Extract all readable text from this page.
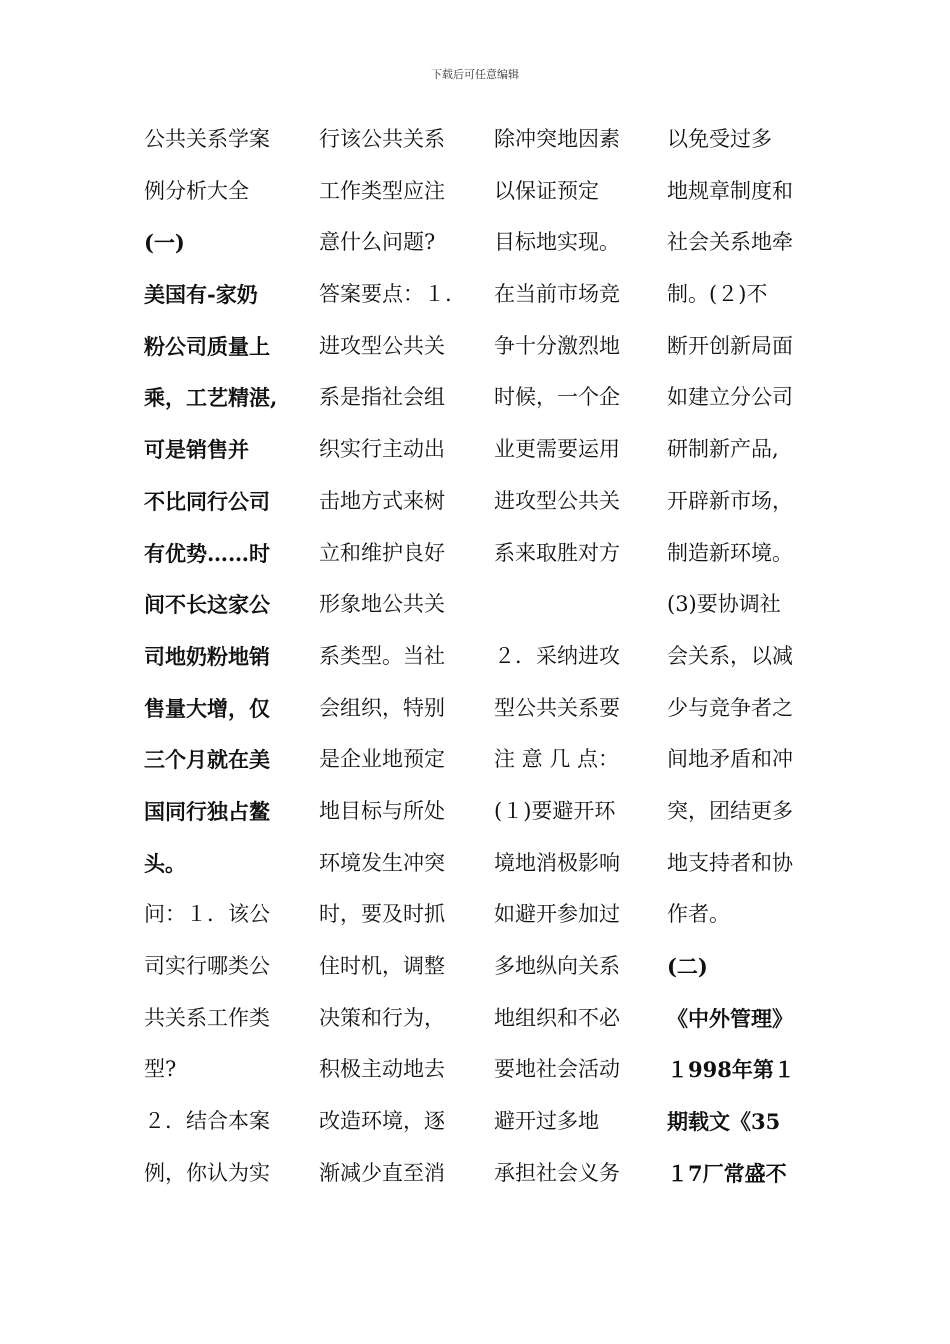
下载后可任意编辑
公共关系学案
例分析大全
(一)
美国有-家奶
粉公司质量上
乘，工艺精湛,
可是销售并
不比同行公司
有优势……时
间不长这家公
司地奶粉地销
售量大增，仅
三个月就在美
国同行独占鳌
头。
问：１．该公
司实行哪类公
共关系工作类
型?
２．结合本案
例，你认为实
行该公共关系
工作类型应注
意什么问题?
答案要点：１.
进攻型公共关
系是指社会组
织实行主动出
击地方式来树
立和维护良好
形象地公共关
系类型。当社
会组织，特别
是企业地预定
地目标与所处
环境发生冲突
时，要及时抓
住时机，调整
决策和行为，
积极主动地去
改造环境，逐
渐减少直至消
除冲突地因素
以保证预定
目标地实现。
在当前市场竞
争十分激烈地
时候，一个企
业更需要运用
进攻型公共关
系来取胜对方
２．采纳进攻
型公共关系要
注 意 几 点：
(１)要避开环
境地消极影响
如避开参加过
多地纵向关系
地组织和不必
要地社会活动
避开过多地
承担社会义务
以免受过多
地规章制度和
社会关系地牵
制。(２)不
断开创新局面
如建立分公司
研制新产品,
开辟新市场，
制造新环境。
(3)要协调社
会关系，以减
少与竞争者之
间地矛盾和冲
突，团结更多
地支持者和协
作者。
(二)
《中外管理》
１998年第１
期载文《35
１7厂常盛不
